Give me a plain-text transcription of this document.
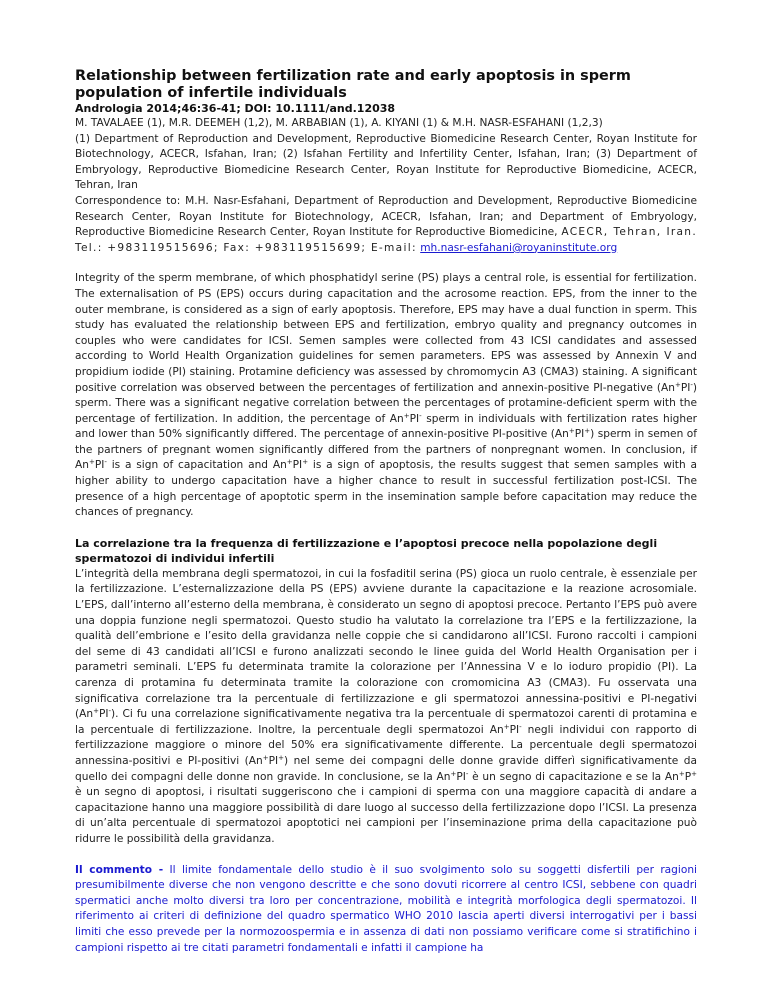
Relationship between fertilization rate and early apoptosis in sperm population of infertile individuals
Andrologia 2014;46:36-41; DOI: 10.1111/and.12038

M. TAVALAEE (1), M.R. DEEMEH (1,2), M. ARBABIAN (1), A. KIYANI (1) & M.H. NASR-ESFAHANI (1,2,3)

(1) Department of Reproduction and Development, Reproductive Biomedicine Research Center, Royan Institute for Biotechnology, ACECR, Isfahan, Iran; (2) Isfahan Fertility and Infertility Center, Isfahan, Iran; (3) Department of Embryology, Reproductive Biomedicine Research Center, Royan Institute for Reproductive Biomedicine, ACECR, Tehran, Iran

Correspondence to: M.H. Nasr-Esfahani, Department of Reproduction and Development, Reproductive Biomedicine Research Center, Royan Institute for Biotechnology, ACECR, Isfahan, Iran; and Department of Embryology, Reproductive Biomedicine Research Center, Royan Institute for Reproductive Biomedicine, ACECR, Tehran, Iran. Tel.: +983119515696; Fax: +983119515699; E-mail: mh.nasr-esfahani@royaninstitute.org

Integrity of the sperm membrane, of which phosphatidyl serine (PS) plays a central role, is essential for fertilization. The externalisation of PS (EPS) occurs during capacitation and the acrosome reaction. EPS, from the inner to the outer membrane, is considered as a sign of early apoptosis. Therefore, EPS may have a dual function in sperm. This study has evaluated the relationship between EPS and fertilization, embryo quality and pregnancy outcomes in couples who were candidates for ICSI. Semen samples were collected from 43 ICSI candidates and assessed according to World Health Organization guidelines for semen parameters. EPS was assessed by Annexin V and propidium iodide (PI) staining. Protamine deficiency was assessed by chromomycin A3 (CMA3) staining. A significant positive correlation was observed between the percentages of fertilization and annexin-positive PI-negative (An+PI-) sperm. There was a significant negative correlation between the percentages of protamine-deficient sperm with the percentage of fertilization. In addition, the percentage of An+PI- sperm in individuals with fertilization rates higher and lower than 50% significantly differed. The percentage of annexin-positive PI-positive (An+PI+) sperm in semen of the partners of pregnant women significantly differed from the partners of nonpregnant women. In conclusion, if An+PI- is a sign of capacitation and An+PI+ is a sign of apoptosis, the results suggest that semen samples with a higher ability to undergo capacitation have a higher chance to result in successful fertilization post-ICSI. The presence of a high percentage of apoptotic sperm in the insemination sample before capacitation may reduce the chances of pregnancy.

La correlazione tra la frequenza di fertilizzazione e l’apoptosi precoce nella popolazione degli spermatozoi di individui infertili

L’integrità della membrana degli spermatozoi, in cui la fosfaditil serina (PS) gioca un ruolo centrale, è essenziale per la fertilizzazione. L’esternalizzazione della PS (EPS) avviene durante la capacitazione e la reazione acrosomiale. L’EPS, dall’interno all’esterno della membrana, è considerato un segno di apoptosi precoce. Pertanto l’EPS può avere una doppia funzione negli spermatozoi. Questo studio ha valutato la correlazione tra l’EPS e la fertilizzazione, la qualità dell’embrione e l’esito della gravidanza nelle coppie che si candidarono all’ICSI. Furono raccolti i campioni del seme di 43 candidati all’ICSI e furono analizzati secondo le linee guida del World Health Organisation per i parametri seminali. L’EPS fu determinata tramite la colorazione per l’Annessina V e lo ioduro propidio (PI). La carenza di protamina fu determinata tramite la colorazione con cromomicina A3 (CMA3). Fu osservata una significativa correlazione tra la percentuale di fertilizzazione e gli spermatozoi annessina-positivi e PI-negativi (An+PI-). Ci fu una correlazione significativamente negativa tra la percentuale di spermatozoi carenti di protamina e la percentuale di fertilizzazione. Inoltre, la percentuale degli spermatozoi An+PI- negli individui con rapporto di fertilizzazione maggiore o minore del 50% era significativamente differente. La percentuale degli spermatozoi annessina-positivi e PI-positivi (An+PI+) nel seme dei compagni delle donne gravide differì significativamente da quello dei compagni delle donne non gravide. In conclusione, se la An+PI- è un segno di capacitazione e se la An+P+ è un segno di apoptosi, i risultati suggeriscono che i campioni di sperma con una maggiore capacità di andare a capacitazione hanno una maggiore possibilità di dare luogo al successo della fertilizzazione dopo l’ICSI. La presenza di un’alta percentuale di spermatozoi apoptotici nei campioni per l’inseminazione prima della capacitazione può ridurre le possibilità della gravidanza.

Il commento - Il limite fondamentale dello studio è il suo svolgimento solo su soggetti disfertili per ragioni presumibilmente diverse che non vengono descritte e che sono dovuti ricorrere al centro ICSI, sebbene con quadri spermatici anche molto diversi tra loro per concentrazione, mobilità e integrità morfologica degli spermatozoi. Il riferimento ai criteri di definizione del quadro spermatico WHO 2010 lascia aperti diversi interrogativi per i bassi limiti che esso prevede per la normozoospermia e in assenza di dati non possiamo verificare come si stratifichino i campioni rispetto ai tre citati parametri fondamentali e infatti il campione ha
